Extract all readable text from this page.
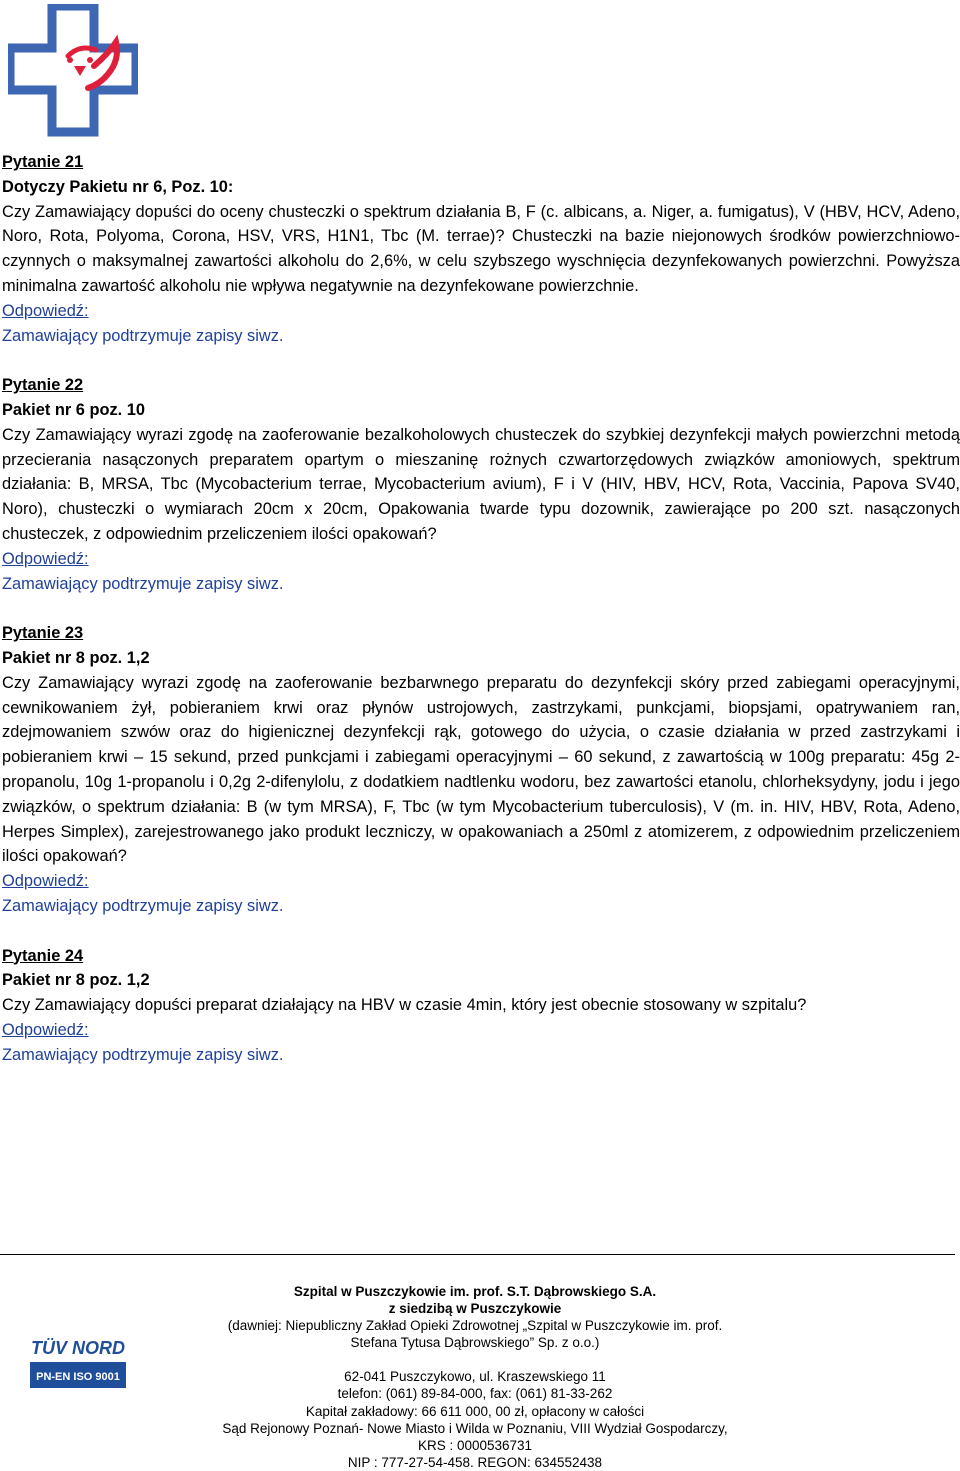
Pytanie 21

Dotyczy Pakietu nr 6, Poz. 10:

Czy Zamawiający dopuści do oceny chusteczki o spektrum działania B, F (c. albicans, a. Niger, a. fumigatus), V (HBV, HCV, Adeno, Noro, Rota, Polyoma, Corona, HSV, VRS, H1N1, Tbc (M. terrae)? Chusteczki na bazie niejonowych środków powierzchniowo-czynnych o maksymalnej zawartości alkoholu do 2,6%, w celu szybszego wyschnięcia dezynfekowanych powierzchni. Powyższa minimalna zawartość alkoholu nie wpływa negatywnie na dezynfekowane powierzchnie.

Odpowiedź:

Zamawiający podtrzymuje zapisy siwz.

Pytanie 22

Pakiet nr 6 poz. 10

Czy Zamawiający wyrazi zgodę na zaoferowanie bezalkoholowych chusteczek do szybkiej dezynfekcji małych powierzchni metodą przecierania nasączonych preparatem opartym o mieszaninę rożnych czwartorzędowych związków amoniowych, spektrum działania: B, MRSA, Tbc (Mycobacterium terrae, Mycobacterium avium), F i V (HIV, HBV, HCV, Rota, Vaccinia, Papova SV40, Noro), chusteczki o wymiarach 20cm x 20cm, Opakowania twarde typu dozownik, zawierające po 200 szt. nasączonych chusteczek, z odpowiednim przeliczeniem ilości opakowań?

Odpowiedź:

Zamawiający podtrzymuje zapisy siwz.

Pytanie 23

Pakiet nr 8 poz. 1,2

Czy Zamawiający wyrazi zgodę na zaoferowanie bezbarwnego preparatu do dezynfekcji skóry przed zabiegami operacyjnymi, cewnikowaniem żył, pobieraniem krwi oraz płynów ustrojowych, zastrzykami, punkcjami, biopsjami, opatrywaniem ran, zdejmowaniem szwów oraz do higienicznej dezynfekcji rąk, gotowego do użycia, o czasie działania w przed zastrzykami i pobieraniem krwi – 15 sekund, przed punkcjami i zabiegami operacyjnymi – 60 sekund, z zawartością w 100g preparatu: 45g 2-propanolu, 10g 1-propanolu i 0,2g 2-difenylolu, z dodatkiem nadtlenku wodoru, bez zawartości etanolu, chlorheksydyny, jodu i jego związków, o spektrum działania: B (w tym MRSA), F, Tbc (w tym Mycobacterium tuberculosis), V (m. in. HIV, HBV, Rota, Adeno, Herpes Simplex), zarejestrowanego jako produkt leczniczy, w opakowaniach a 250ml z atomizerem, z odpowiednim przeliczeniem ilości opakowań?

Odpowiedź:

Zamawiający podtrzymuje zapisy siwz.

Pytanie 24

Pakiet nr 8 poz. 1,2

Czy Zamawiający dopuści preparat działający na HBV w czasie 4min, który jest obecnie stosowany w szpitalu?

Odpowiedź:

Zamawiający podtrzymuje zapisy siwz.

TÜV NORD
PN-EN ISO 9001

Szpital w Puszczykowie im. prof. S.T. Dąbrowskiego S.A.

z siedzibą w Puszczykowie

(dawniej: Niepubliczny Zakład Opieki Zdrowotnej „Szpital w Puszczykowie im. prof.

Stefana Tytusa Dąbrowskiego” Sp. z o.o.)

62-041 Puszczykowo, ul. Kraszewskiego 11

telefon: (061) 89-84-000, fax: (061) 81-33-262

Kapitał zakładowy: 66 611 000, 00 zł, opłacony w całości

Sąd Rejonowy Poznań- Nowe Miasto i Wilda w Poznaniu, VIII Wydział Gospodarczy,

KRS : 0000536731

NIP : 777-27-54-458. REGON: 634552438
